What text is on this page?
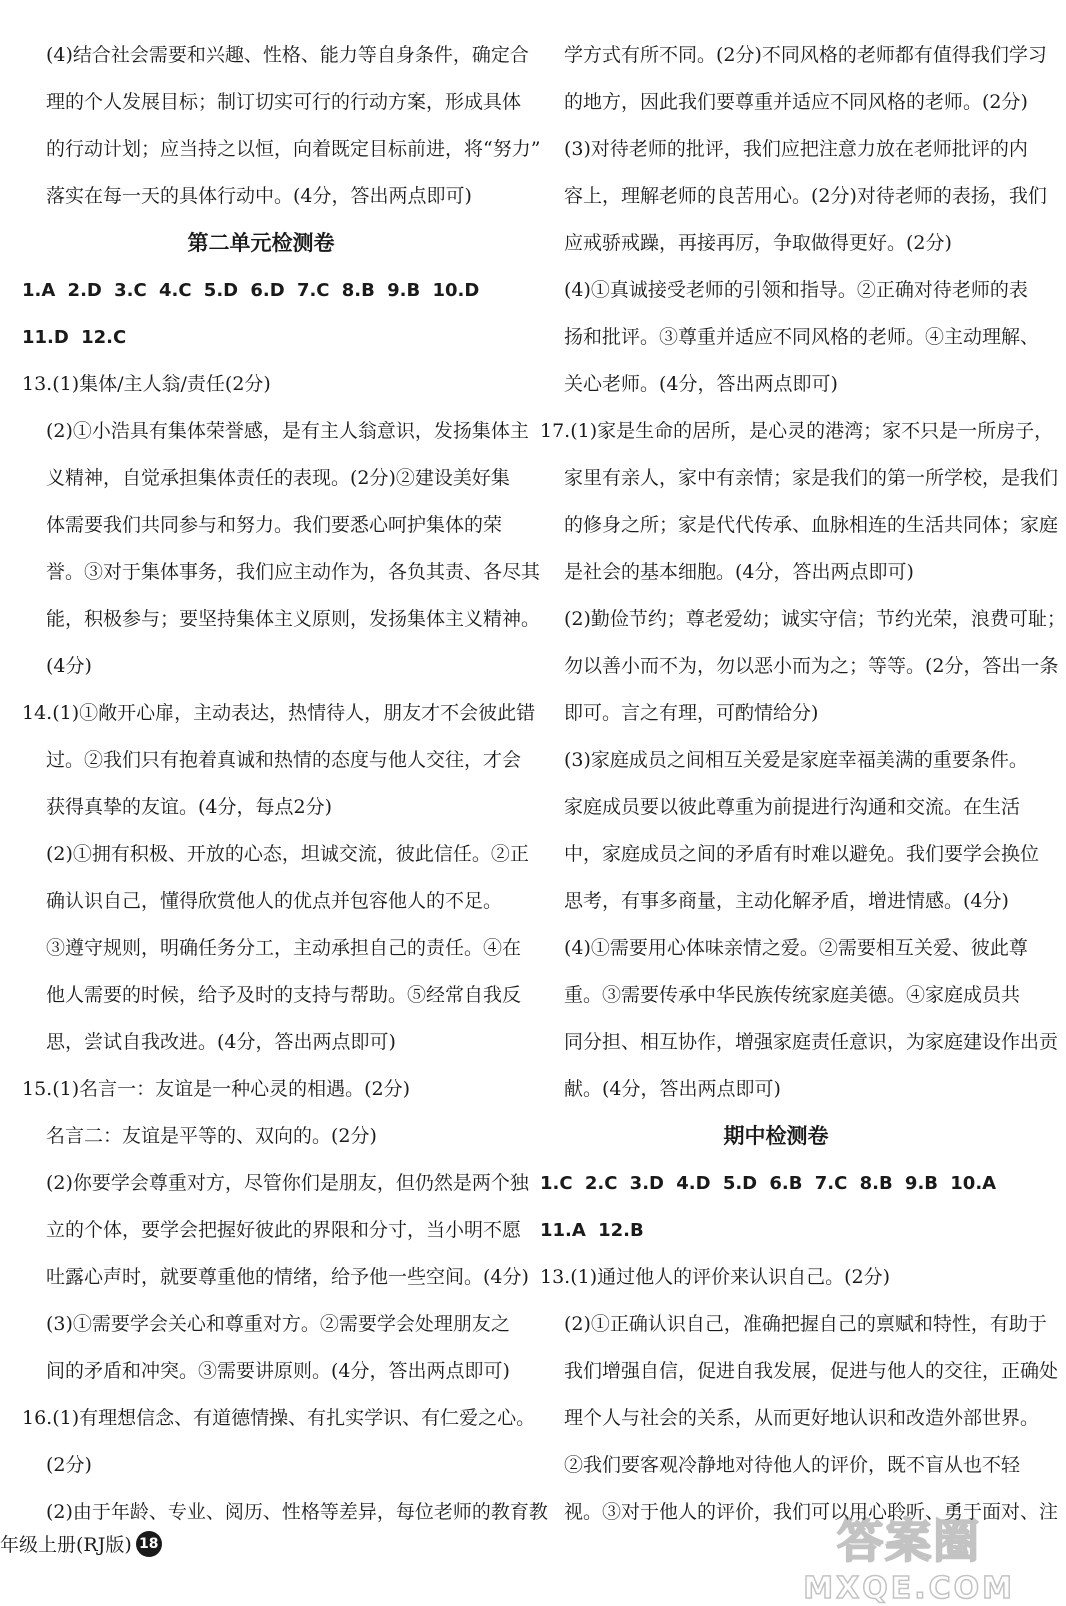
(4)结合社会需要和兴趣、性格、能力等自身条件，确定合
理的个人发展目标；制订切实可行的行动方案，形成具体
的行动计划；应当持之以恒，向着既定目标前进，将“努力”
落实在每一天的具体行动中。(4分，答出两点即可)
第二单元检测卷
1.A 2.D 3.C 4.C 5.D 6.D 7.C 8.B 9.B 10.D
11.D 12.C
13.(1)集体/主人翁/责任(2分)
(2)①小浩具有集体荣誉感，是有主人翁意识，发扬集体主
义精神，自觉承担集体责任的表现。(2分)②建设美好集
体需要我们共同参与和努力。我们要悉心呵护集体的荣
誉。③对于集体事务，我们应主动作为，各负其责、各尽其
能，积极参与；要坚持集体主义原则，发扬集体主义精神。
(4分)
14.(1)①敞开心扉，主动表达，热情待人，朋友才不会彼此错
过。②我们只有抱着真诚和热情的态度与他人交往，才会
获得真挚的友谊。(4分，每点2分)
(2)①拥有积极、开放的心态，坦诚交流，彼此信任。②正
确认识自己，懂得欣赏他人的优点并包容他人的不足。
③遵守规则，明确任务分工，主动承担自己的责任。④在
他人需要的时候，给予及时的支持与帮助。⑤经常自我反
思，尝试自我改进。(4分，答出两点即可)
15.(1)名言一：友谊是一种心灵的相遇。(2分)
名言二：友谊是平等的、双向的。(2分)
(2)你要学会尊重对方，尽管你们是朋友，但仍然是两个独
立的个体，要学会把握好彼此的界限和分寸，当小明不愿
吐露心声时，就要尊重他的情绪，给予他一些空间。(4分)
(3)①需要学会关心和尊重对方。②需要学会处理朋友之
间的矛盾和冲突。③需要讲原则。(4分，答出两点即可)
16.(1)有理想信念、有道德情操、有扎实学识、有仁爱之心。
(2分)
(2)由于年龄、专业、阅历、性格等差异，每位老师的教育教
学方式有所不同。(2分)不同风格的老师都有值得我们学习
的地方，因此我们要尊重并适应不同风格的老师。(2分)
(3)对待老师的批评，我们应把注意力放在老师批评的内
容上，理解老师的良苦用心。(2分)对待老师的表扬，我们
应戒骄戒躁，再接再厉，争取做得更好。(2分)
(4)①真诚接受老师的引领和指导。②正确对待老师的表
扬和批评。③尊重并适应不同风格的老师。④主动理解、
关心老师。(4分，答出两点即可)
17.(1)家是生命的居所，是心灵的港湾；家不只是一所房子，
家里有亲人，家中有亲情；家是我们的第一所学校，是我们
的修身之所；家是代代传承、血脉相连的生活共同体；家庭
是社会的基本细胞。(4分，答出两点即可)
(2)勤俭节约；尊老爱幼；诚实守信；节约光荣，浪费可耻；
勿以善小而不为，勿以恶小而为之；等等。(2分，答出一条
即可。言之有理，可酌情给分)
(3)家庭成员之间相互关爱是家庭幸福美满的重要条件。
家庭成员要以彼此尊重为前提进行沟通和交流。在生活
中，家庭成员之间的矛盾有时难以避免。我们要学会换位
思考，有事多商量，主动化解矛盾，增进情感。(4分)
(4)①需要用心体味亲情之爱。②需要相互关爱、彼此尊
重。③需要传承中华民族传统家庭美德。④家庭成员共
同分担、相互协作，增强家庭责任意识，为家庭建设作出贡
献。(4分，答出两点即可)
期中检测卷
1.C 2.C 3.D 4.D 5.D 6.B 7.C 8.B 9.B 10.A
11.A 12.B
13.(1)通过他人的评价来认识自己。(2分)
(2)①正确认识自己，准确把握自己的禀赋和特性，有助于
我们增强自信，促进自我发展，促进与他人的交往，正确处
理个人与社会的关系，从而更好地认识和改造外部世界。
②我们要客观冷静地对待他人的评价，既不盲从也不轻
视。③对于他人的评价，我们可以用心聆听、勇于面对、注
年级上册(RJ版) 18	答案圈
MXQE.COM
